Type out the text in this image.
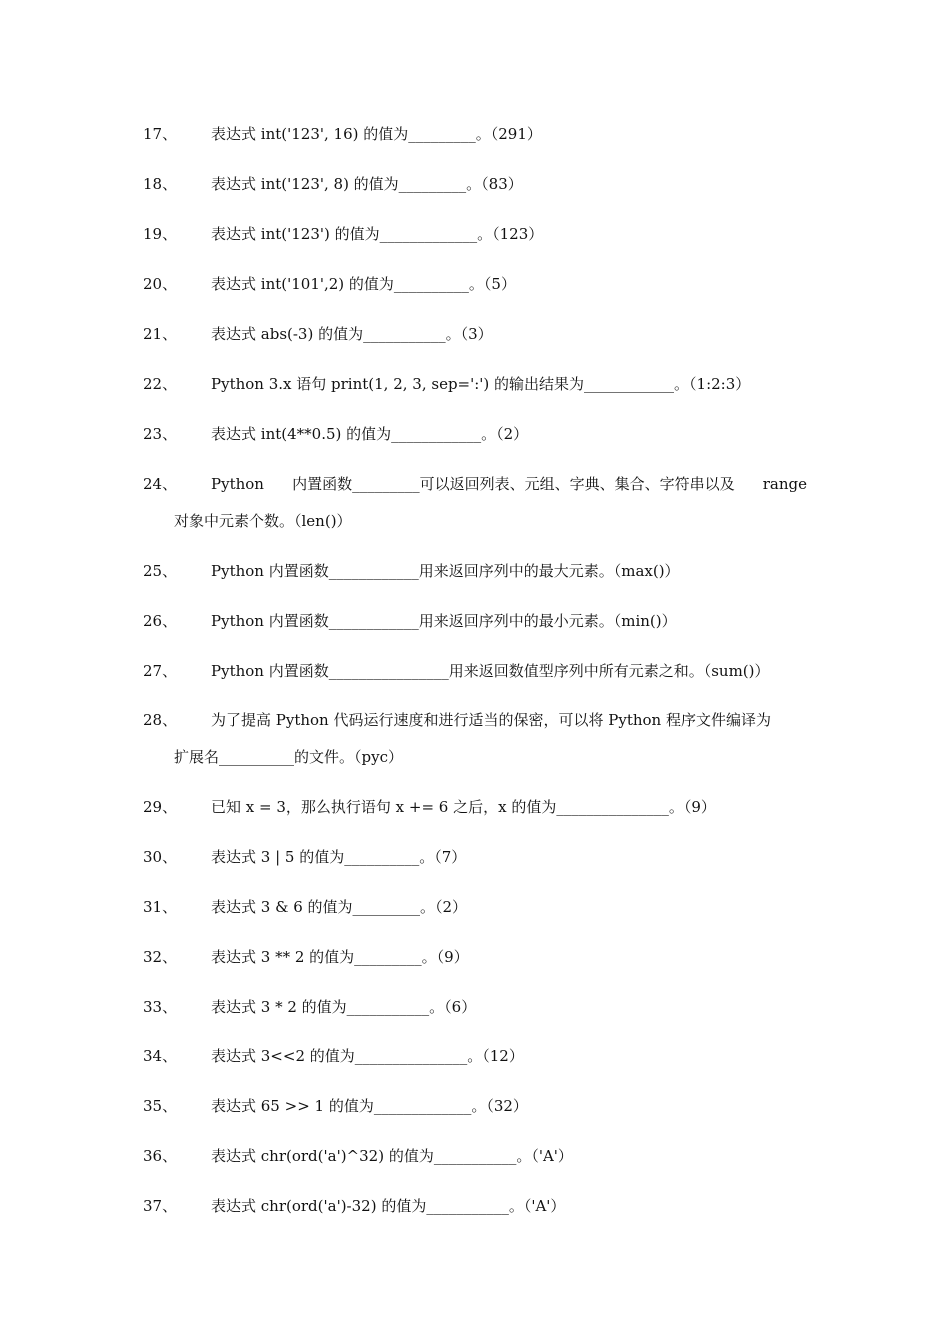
17、 表达式 int('123', 16) 的值为_________。（291）
18、 表达式 int('123', 8) 的值为_________。（83）
19、 表达式 int('123') 的值为_____________。（123）
20、 表达式 int('101',2) 的值为__________。（5）
21、 表达式 abs(-3) 的值为___________。（3）
22、 Python 3.x 语句 print(1, 2, 3, sep=':') 的输出结果为____________。（1:2:3）
23、 表达式 int(4**0.5) 的值为____________。（2）
24、 Python 内置函数_________可以返回列表、元组、字典、集合、字符串以及 range
对象中元素个数。（len()）
25、 Python 内置函数____________用来返回序列中的最大元素。（max()）
26、 Python 内置函数____________用来返回序列中的最小元素。（min()）
27、 Python 内置函数________________用来返回数值型序列中所有元素之和。（sum()）
28、 为了提高 Python 代码运行速度和进行适当的保密，可以将 Python 程序文件编译为
扩展名__________的文件。（pyc）
29、 已知 x = 3，那么执行语句 x += 6 之后，x 的值为_______________。（9）
30、 表达式 3 | 5 的值为__________。（7）
31、 表达式 3 & 6 的值为_________。（2）
32、 表达式 3 ** 2 的值为_________。（9）
33、 表达式 3 * 2 的值为___________。（6）
34、 表达式 3<<2 的值为_______________。（12）
35、 表达式 65 >> 1 的值为_____________。（32）
36、 表达式 chr(ord('a')^32) 的值为___________。（'A'）
37、 表达式 chr(ord('a')-32) 的值为___________。（'A'）
